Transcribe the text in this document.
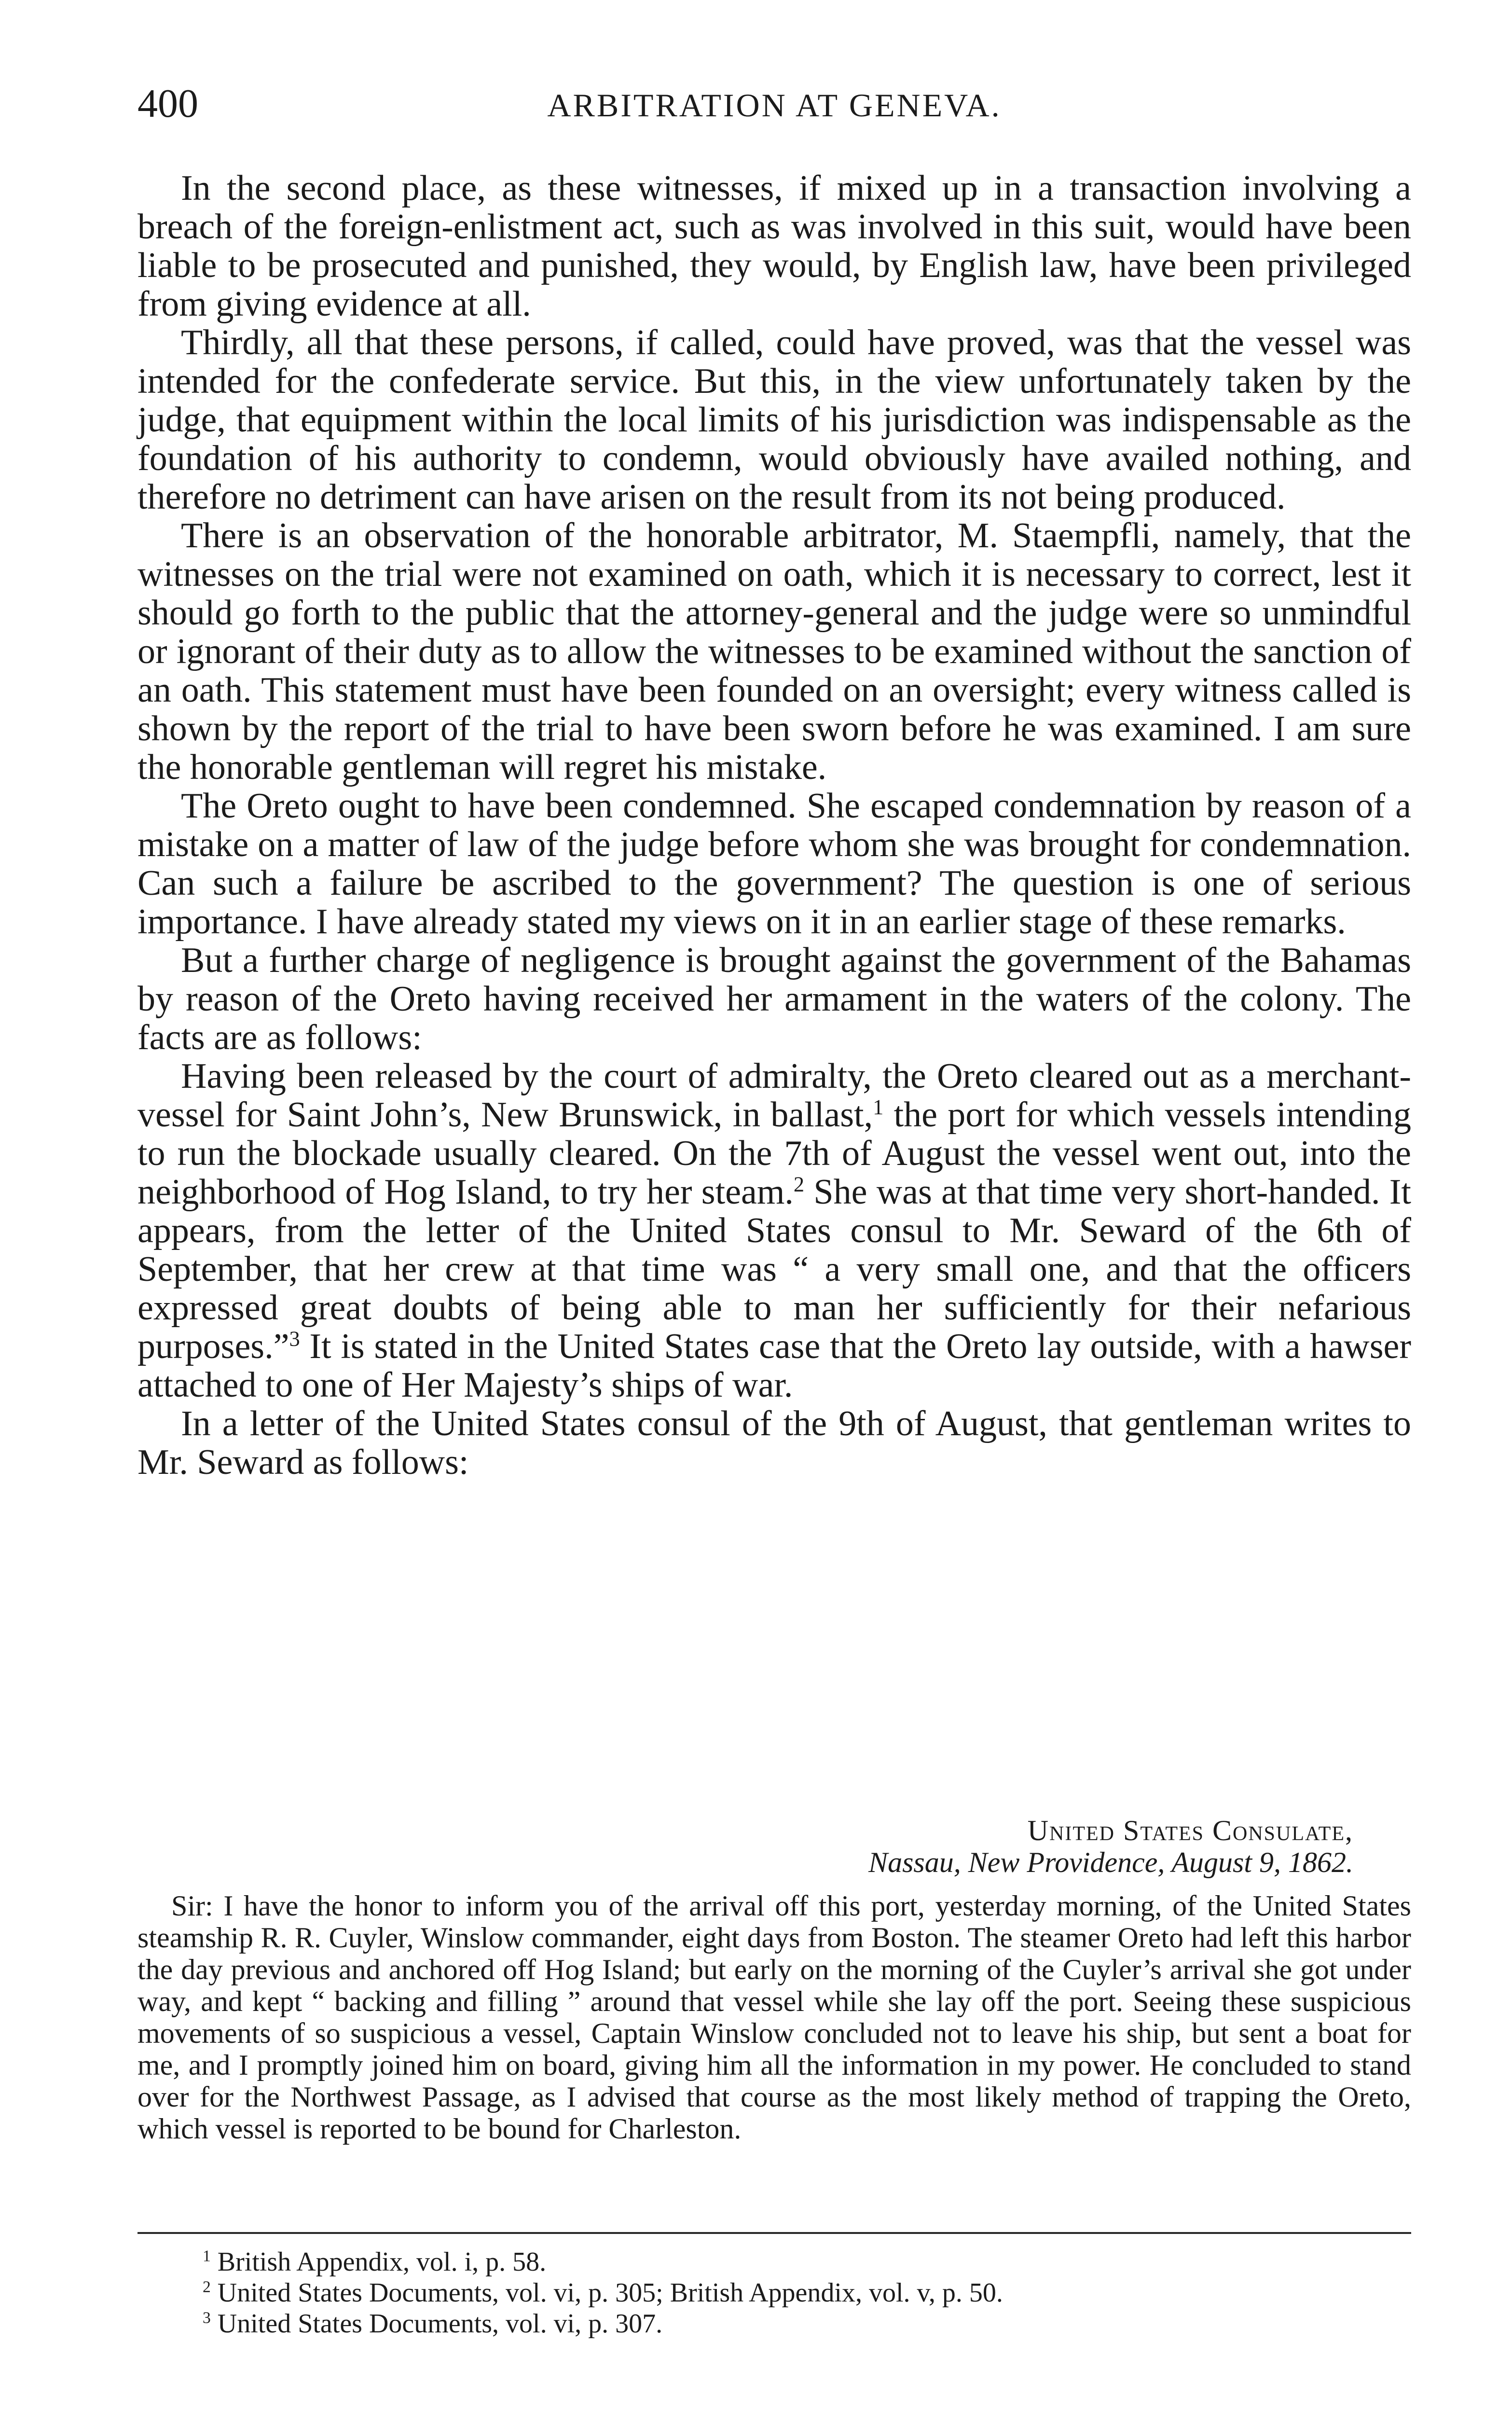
400	ARBITRATION AT GENEVA.

In the second place, as these witnesses, if mixed up in a transaction involving a breach of the foreign-enlistment act, such as was involved in this suit, would have been liable to be prosecuted and punished, they would, by English law, have been privileged from giving evidence at all.

Thirdly, all that these persons, if called, could have proved, was that the vessel was intended for the confederate service. But this, in the view unfortunately taken by the judge, that equipment within the local limits of his jurisdiction was indispensable as the foundation of his authority to condemn, would obviously have availed nothing, and therefore no detriment can have arisen on the result from its not being produced.

There is an observation of the honorable arbitrator, M. Staempfli, namely, that the witnesses on the trial were not examined on oath, which it is necessary to correct, lest it should go forth to the public that the attorney-general and the judge were so unmindful or ignorant of their duty as to allow the witnesses to be examined without the sanction of an oath. This statement must have been founded on an oversight; every witness called is shown by the report of the trial to have been sworn before he was examined. I am sure the honorable gentleman will regret his mistake.

The Oreto ought to have been condemned. She escaped condemnation by reason of a mistake on a matter of law of the judge before whom she was brought for condemnation. Can such a failure be ascribed to the government? The question is one of serious importance. I have already stated my views on it in an earlier stage of these remarks.

But a further charge of negligence is brought against the government of the Bahamas by reason of the Oreto having received her armament in the waters of the colony. The facts are as follows:

Having been released by the court of admiralty, the Oreto cleared out as a merchant-vessel for Saint John’s, New Brunswick, in ballast,$^1$ the port for which vessels intending to run the blockade usually cleared. On the 7th of August the vessel went out, into the neighborhood of Hog Island, to try her steam.$^2$ She was at that time very short-handed. It appears, from the letter of the United States consul to Mr. Seward of the 6th of September, that her crew at that time was “ a very small one, and that the officers expressed great doubts of being able to man her sufficiently for their nefarious purposes.”$^3$ It is stated in the United States case that the Oreto lay outside, with a hawser attached to one of Her Majesty’s ships of war.

In a letter of the United States consul of the 9th of August, that gentleman writes to Mr. Seward as follows:

United States Consulate,
Nassau, New Providence, August 9, 1862.

Sir: I have the honor to inform you of the arrival off this port, yesterday morning, of the United States steamship R. R. Cuyler, Winslow commander, eight days from Boston. The steamer Oreto had left this harbor the day previous and anchored off Hog Island; but early on the morning of the Cuyler’s arrival she got under way, and kept “ backing and filling ” around that vessel while she lay off the port. Seeing these suspicious movements of so suspicious a vessel, Captain Winslow concluded not to leave his ship, but sent a boat for me, and I promptly joined him on board, giving him all the information in my power. He concluded to stand over for the Northwest Passage, as I advised that course as the most likely method of trapping the Oreto, which vessel is reported to be bound for Charleston.

$^1$ British Appendix, vol. i, p. 58.
$^2$ United States Documents, vol. vi, p. 305; British Appendix, vol. v, p. 50.
$^3$ United States Documents, vol. vi, p. 307.
